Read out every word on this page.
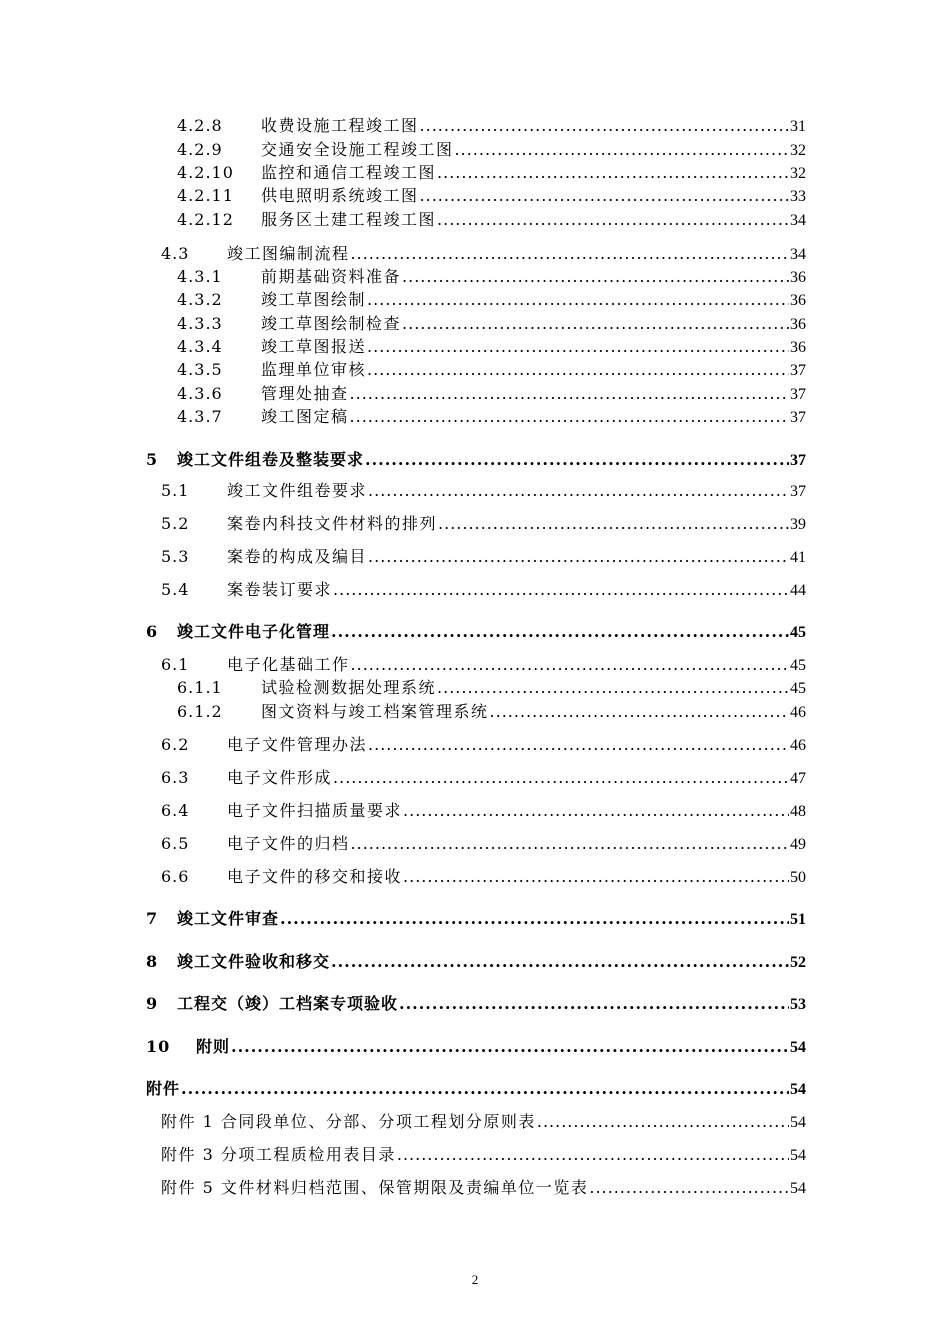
4.2.8	收费设施工程竣工图 .....	31
4.2.9	交通安全设施工程竣工图 .....	32
4.2.10	监控和通信工程竣工图 .....	32
4.2.11	供电照明系统竣工图 .....	33
4.2.12	服务区土建工程竣工图 .....	34
4.3	竣工图编制流程 .....	34
4.3.1	前期基础资料准备 .....	36
4.3.2	竣工草图绘制 .....	36
4.3.3	竣工草图绘制检查 .....	36
4.3.4	竣工草图报送 .....	36
4.3.5	监理单位审核 .....	37
4.3.6	管理处抽查 .....	37
4.3.7	竣工图定稿 .....	37
5	竣工文件组卷及整装要求 .....	37
5.1	竣工文件组卷要求 .....	37
5.2	案卷内科技文件材料的排列 .....	39
5.3	案卷的构成及编目 .....	41
5.4	案卷装订要求 .....	44
6	竣工文件电子化管理 .....	45
6.1	电子化基础工作 .....	45
6.1.1	试验检测数据处理系统 .....	45
6.1.2	图文资料与竣工档案管理系统 .....	46
6.2	电子文件管理办法 .....	46
6.3	电子文件形成 .....	47
6.4	电子文件扫描质量要求 .....	48
6.5	电子文件的归档 .....	49
6.6	电子文件的移交和接收 .....	50
7	竣工文件审查 .....	51
8	竣工文件验收和移交 .....	52
9	工程交（竣）工档案专项验收 .....	53
10	附则 .....	54
附件 .....	54
附件 1 合同段单位、分部、分项工程划分原则表 .....	54
附件 3 分项工程质检用表目录 .....	54
附件 5 文件材料归档范围、保管期限及责编单位一览表 .....	54
2
